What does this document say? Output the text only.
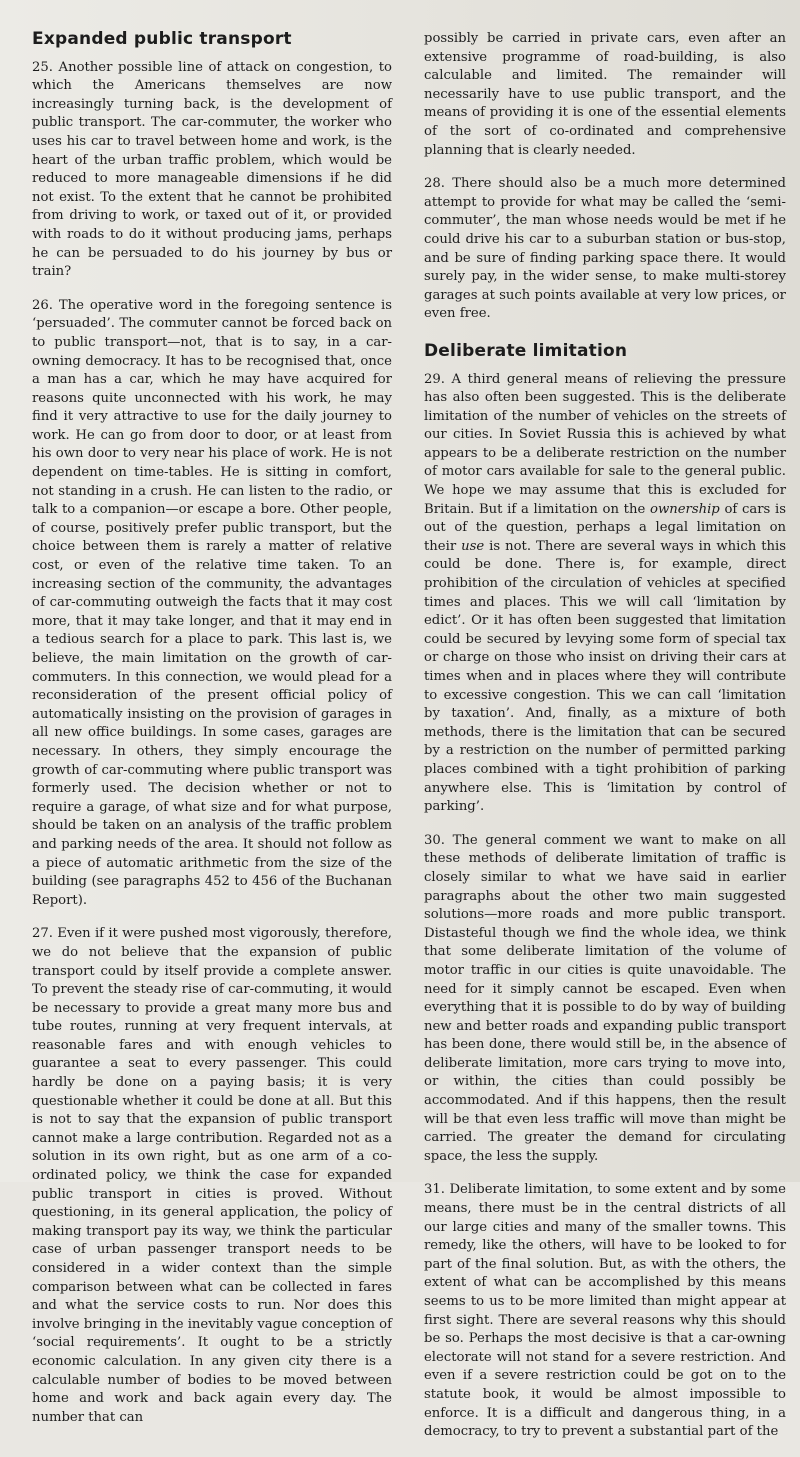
Expanded public transport

25. Another possible line of attack on congestion, to which the Americans themselves are now increasingly turning back, is the development of public transport. The car-commuter, the worker who uses his car to travel between home and work, is the heart of the urban traffic problem, which would be reduced to more manageable dimensions if he did not exist. To the extent that he cannot be prohibited from driving to work, or taxed out of it, or provided with roads to do it without producing jams, perhaps he can be persuaded to do his journey by bus or train?

26. The operative word in the foregoing sentence is ‘persuaded’. The commuter cannot be forced back on to public transport—not, that is to say, in a car-owning democracy. It has to be recognised that, once a man has a car, which he may have acquired for reasons quite unconnected with his work, he may find it very attractive to use for the daily journey to work. He can go from door to door, or at least from his own door to very near his place of work. He is not dependent on time-tables. He is sitting in comfort, not standing in a crush. He can listen to the radio, or talk to a companion—or escape a bore. Other people, of course, positively prefer public transport, but the choice between them is rarely a matter of relative cost, or even of the relative time taken. To an increasing section of the community, the advantages of car-commuting outweigh the facts that it may cost more, that it may take longer, and that it may end in a tedious search for a place to park. This last is, we believe, the main limitation on the growth of car-commuters. In this connection, we would plead for a reconsideration of the present official policy of automatically insisting on the provision of garages in all new office buildings. In some cases, garages are necessary. In others, they simply encourage the growth of car-commuting where public transport was formerly used. The decision whether or not to require a garage, of what size and for what purpose, should be taken on an analysis of the traffic problem and parking needs of the area. It should not follow as a piece of automatic arithmetic from the size of the building (see paragraphs 452 to 456 of the Buchanan Report).

27. Even if it were pushed most vigorously, therefore, we do not believe that the expansion of public transport could by itself provide a complete answer. To prevent the steady rise of car-commuting, it would be necessary to provide a great many more bus and tube routes, running at very frequent intervals, at reasonable fares and with enough vehicles to guarantee a seat to every passenger. This could hardly be done on a paying basis; it is very questionable whether it could be done at all. But this is not to say that the expansion of public transport cannot make a large contribution. Regarded not as a solution in its own right, but as one arm of a co-ordinated policy, we think the case for expanded public transport in cities is proved. Without questioning, in its general application, the policy of making transport pay its way, we think the particular case of urban passenger transport needs to be considered in a wider context than the simple comparison between what can be collected in fares and what the service costs to run. Nor does this involve bringing in the inevitably vague conception of ‘social requirements’. It ought to be a strictly economic calculation. In any given city there is a calculable number of bodies to be moved between home and work and back again every day. The number that can

possibly be carried in private cars, even after an extensive programme of road-building, is also calculable and limited. The remainder will necessarily have to use public transport, and the means of providing it is one of the essential elements of the sort of co-ordinated and comprehensive planning that is clearly needed.

28. There should also be a much more determined attempt to provide for what may be called the ‘semi-commuter’, the man whose needs would be met if he could drive his car to a suburban station or bus-stop, and be sure of finding parking space there. It would surely pay, in the wider sense, to make multi-storey garages at such points available at very low prices, or even free.

Deliberate limitation

29. A third general means of relieving the pressure has also often been suggested. This is the deliberate limitation of the number of vehicles on the streets of our cities. In Soviet Russia this is achieved by what appears to be a deliberate restriction on the number of motor cars available for sale to the general public. We hope we may assume that this is excluded for Britain. But if a limitation on the ownership of cars is out of the question, perhaps a legal limitation on their use is not. There are several ways in which this could be done. There is, for example, direct prohibition of the circulation of vehicles at specified times and places. This we will call ‘limitation by edict’. Or it has often been suggested that limitation could be secured by levying some form of special tax or charge on those who insist on driving their cars at times when and in places where they will contribute to excessive congestion. This we can call ‘limitation by taxation’. And, finally, as a mixture of both methods, there is the limitation that can be secured by a restriction on the number of permitted parking places combined with a tight prohibition of parking anywhere else. This is ‘limitation by control of parking’.

30. The general comment we want to make on all these methods of deliberate limitation of traffic is closely similar to what we have said in earlier paragraphs about the other two main suggested solutions—more roads and more public transport. Distasteful though we find the whole idea, we think that some deliberate limitation of the volume of motor traffic in our cities is quite unavoidable. The need for it simply cannot be escaped. Even when everything that it is possible to do by way of building new and better roads and expanding public transport has been done, there would still be, in the absence of deliberate limitation, more cars trying to move into, or within, the cities than could possibly be accommodated. And if this happens, then the result will be that even less traffic will move than might be carried. The greater the demand for circulating space, the less the supply.

31. Deliberate limitation, to some extent and by some means, there must be in the central districts of all our large cities and many of the smaller towns. This remedy, like the others, will have to be looked to for part of the final solution. But, as with the others, the extent of what can be accomplished by this means seems to us to be more limited than might appear at first sight. There are several reasons why this should be so. Perhaps the most decisive is that a car-owning electorate will not stand for a severe restriction. And even if a severe restriction could be got on to the statute book, it would be almost impossible to enforce. It is a difficult and dangerous thing, in a democracy, to try to prevent a substantial part of the
